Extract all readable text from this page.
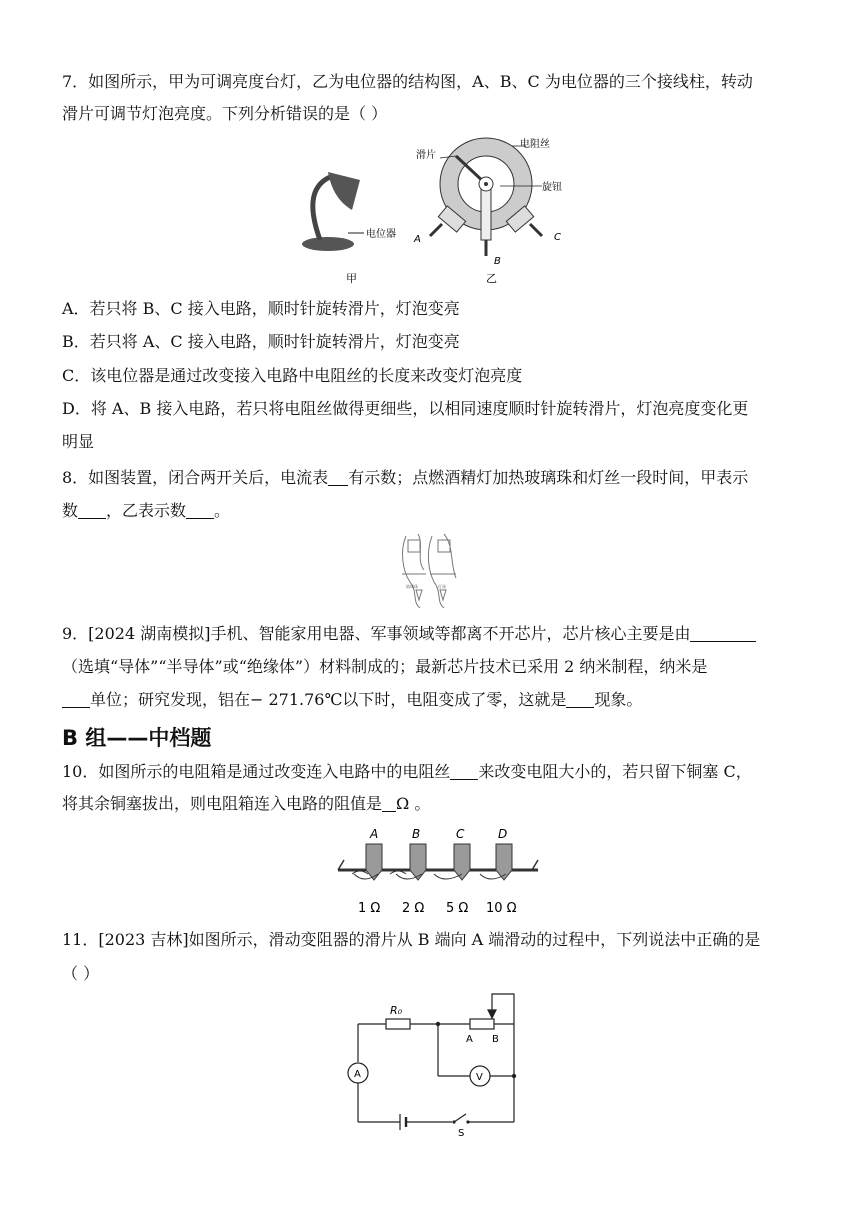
7．如图所示，甲为可调亮度台灯，乙为电位器的结构图，A、B、C 为电位器的三个接线柱，转动
滑片可调节灯泡亮度。下列分析错误的是（ ）
电位器
甲
滑片
电阻丝
旋钮
A
B
C
乙
A．若只将 B、C 接入电路，顺时针旋转滑片，灯泡变亮
B．若只将 A、C 接入电路，顺时针旋转滑片，灯泡变亮
C．该电位器是通过改变接入电路中电阻丝的长度来改变灯泡亮度
D．将 A、B 接入电路，若只将电阻丝做得更细些，以相同速度顺时针旋转滑片，灯泡亮度变化更
明显
8．如图装置，闭合两开关后，电流表 有示数；点燃酒精灯加热玻璃珠和灯丝一段时间，甲表示
数 ，乙表示数 。
玻璃珠	灯丝
9．[2024 湖南模拟]手机、智能家用电器、军事领域等都离不开芯片，芯片核心主要是由
（选填“导体”“半导体”或“绝缘体”）材料制成的；最新芯片技术已采用 2 纳米制程，纳米是
单位；研究发现，铝在− 271.76℃以下时，电阻变成了零，这就是 现象。
B 组——中档题
10．如图所示的电阻箱是通过改变连入电路中的电阻丝 来改变电阻大小的，若只留下铜塞 C，
将其余铜塞拔出，则电阻箱连入电路的阻值是 Ω 。
A	B	C	D
1 Ω 2 Ω 5 Ω 10 Ω
11．[2023 吉林]如图所示，滑动变阻器的滑片从 B 端向 A 端滑动的过程中，下列说法中正确的是
（ ）
R₀
A	V
A B
S
